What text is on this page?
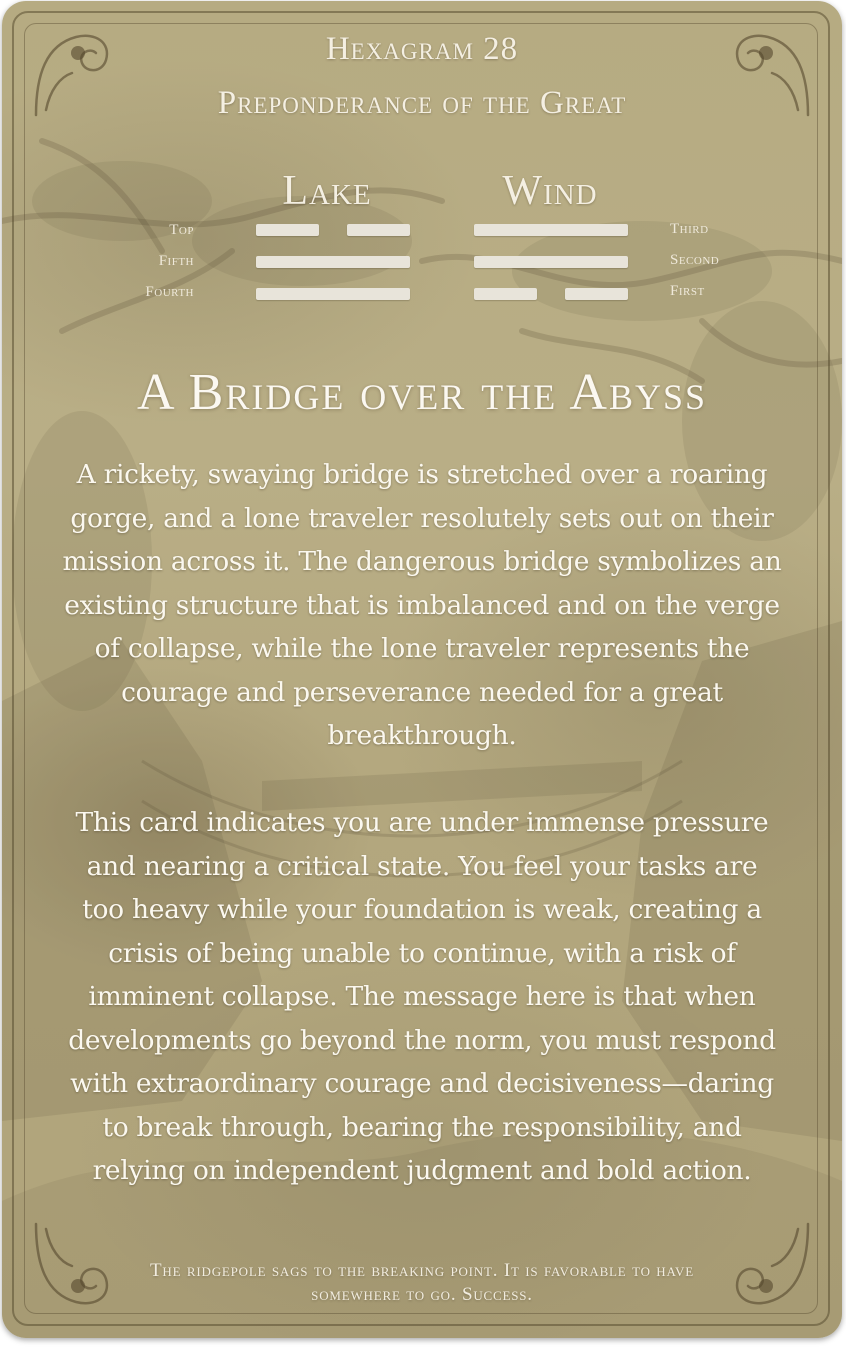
Hexagram 28
Preponderance of the Great
Lake	Wind
Top
Fifth
Fourth
Third
Second
First
A Bridge over the Abyss
A rickety, swaying bridge is stretched over a roaring gorge, and a lone traveler resolutely sets out on their mission across it. The dangerous bridge symbolizes an existing structure that is imbalanced and on the verge of collapse, while the lone traveler represents the courage and perseverance needed for a great breakthrough.
This card indicates you are under immense pressure and nearing a critical state. You feel your tasks are too heavy while your foundation is weak, creating a crisis of being unable to continue, with a risk of imminent collapse. The message here is that when developments go beyond the norm, you must respond with extraordinary courage and decisiveness—daring to break through, bearing the responsibility, and relying on independent judgment and bold action.
The ridgepole sags to the breaking point. It is favorable to have somewhere to go. Success.
